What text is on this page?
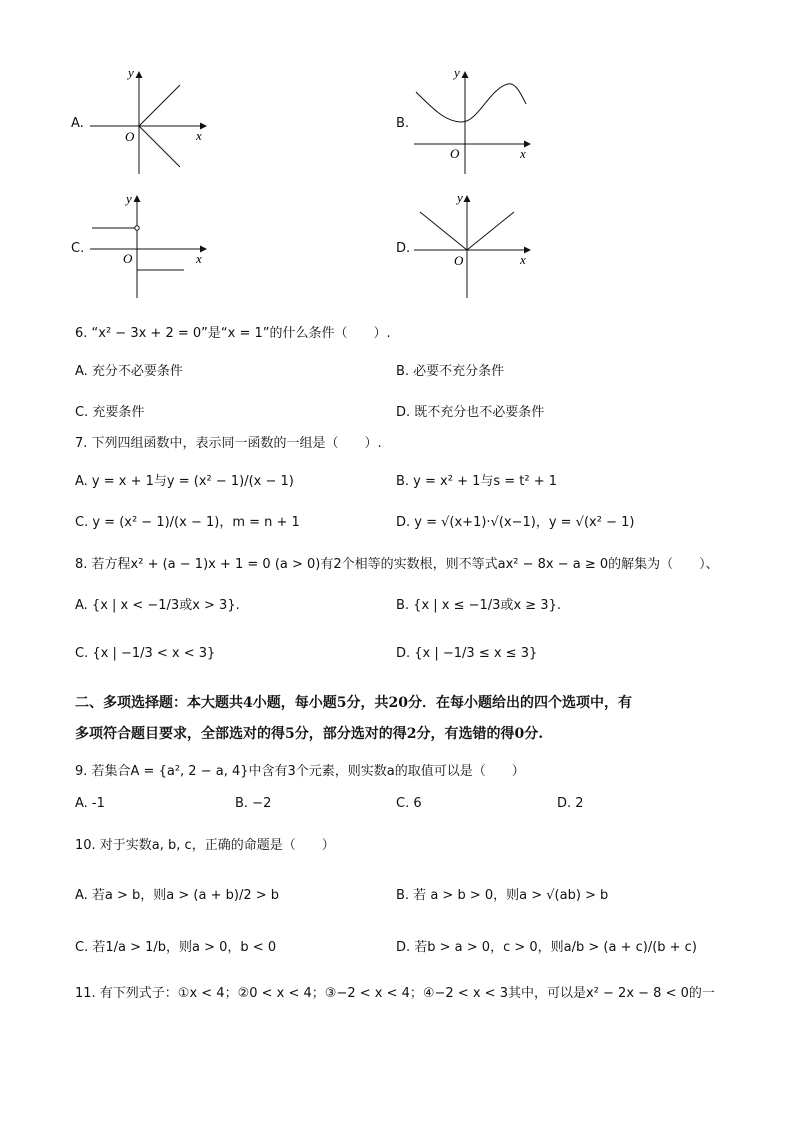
A.
y
x
O
B.
y
x
O
C.
y
x
O
D.
y
x
O
6. “x² − 3x + 2 = 0”是“x = 1”的什么条件（　　）.
A. 充分不必要条件	B. 必要不充分条件
C. 充要条件	D. 既不充分也不必要条件
7. 下列四组函数中，表示同一函数的一组是（　　）.
A. y = x + 1与y = (x² − 1)/(x − 1)	B. y = x² + 1与s = t² + 1
C. y = (x² − 1)/(x − 1)，m = n + 1	D. y = √(x+1)·√(x−1)，y = √(x² − 1)
8. 若方程x² + (a − 1)x + 1 = 0 (a > 0)有2个相等的实数根，则不等式ax² − 8x − a ≥ 0的解集为（　　）、
A. {x | x < −1/3或x > 3}.	B. {x | x ≤ −1/3或x ≥ 3}.
C. {x | −1/3 < x < 3}	D. {x | −1/3 ≤ x ≤ 3}
二、多项选择题：本大题共4小题，每小题5分，共20分．在每小题给出的四个选项中，有
多项符合题目要求，全部选对的得5分，部分选对的得2分，有选错的得0分.
9. 若集合A = {a², 2 − a, 4}中含有3个元素，则实数a的取值可以是（　　）
A. -1	B. −2	C. 6	D. 2
10. 对于实数a, b, c，正确的命题是（　　）
A. 若a > b，则a > (a + b)/2 > b	B. 若 a > b > 0，则a > √(ab) > b
C. 若1/a > 1/b，则a > 0，b < 0	D. 若b > a > 0，c > 0，则a/b > (a + c)/(b + c)
11. 有下列式子：①x < 4；②0 < x < 4；③−2 < x < 4；④−2 < x < 3其中，可以是x² − 2x − 8 < 0的一
